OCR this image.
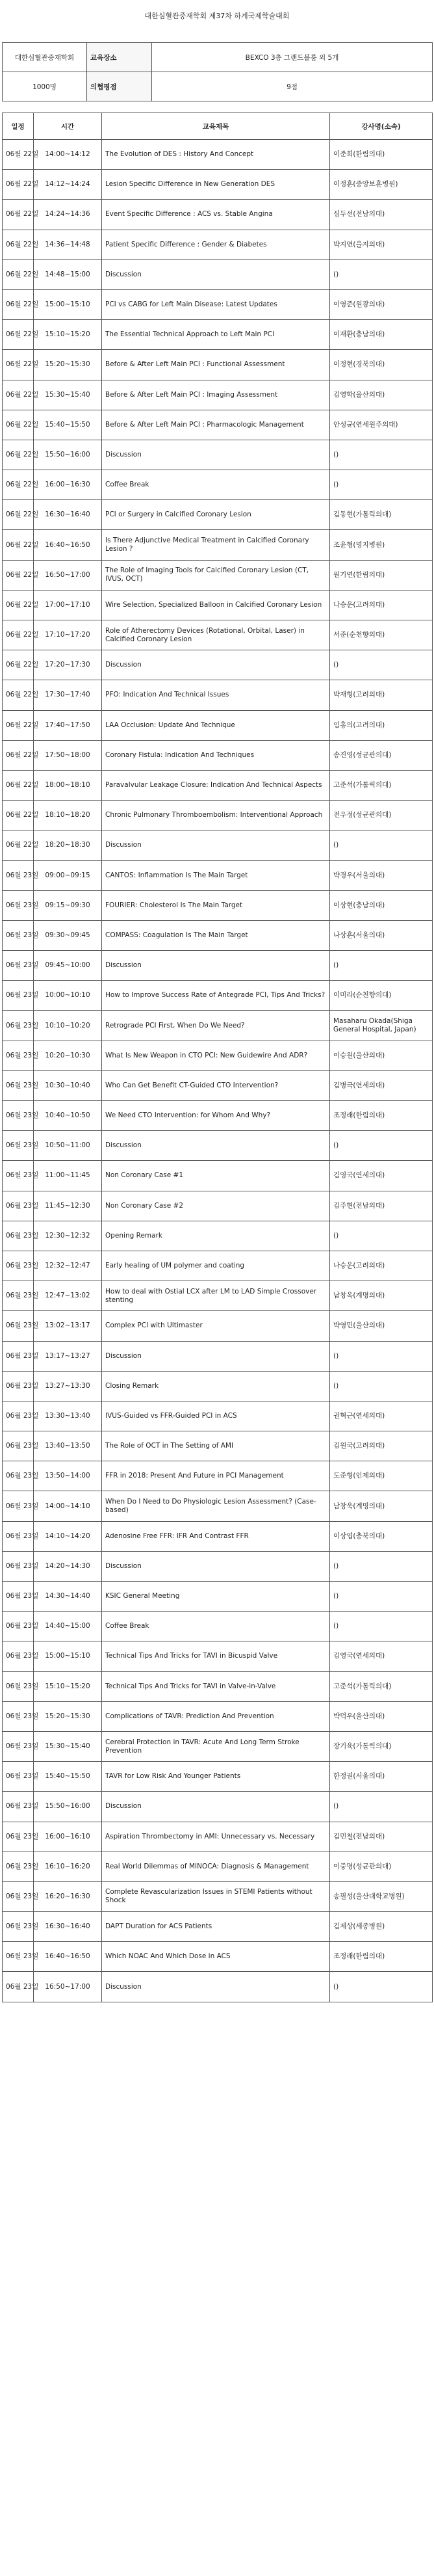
대한심혈관중재학회 제37차 하계국제학술대회
대한심혈관중재학회	교육장소	BEXCO 3층 그랜드볼룸 외 5개
1000명	의협평점	9점
일정	시간	교육제목	강사명(소속)
06월 22일	14:00~14:12	The Evolution of DES : History And Concept	이준희(한림의대)
06월 22일	14:12~14:24	Lesion Specific Difference in New Generation DES	이정훈(중앙보훈병원)
06월 22일	14:24~14:36	Event Specific Difference : ACS vs. Stable Angina	심두선(전남의대)
06월 22일	14:36~14:48	Patient Specific Difference : Gender & Diabetes	박지연(을지의대)
06월 22일	14:48~15:00	Discussion	()
06월 22일	15:00~15:10	PCI vs CABG for Left Main Disease: Latest Updates	이영준(원광의대)
06월 22일	15:10~15:20	The Essential Technical Approach to Left Main PCI	이재환(충남의대)
06월 22일	15:20~15:30	Before & After Left Main PCI : Functional Assessment	이정현(경북의대)
06월 22일	15:30~15:40	Before & After Left Main PCI : Imaging Assessment	김영학(울산의대)
06월 22일	15:40~15:50	Before & After Left Main PCI : Pharmacologic Management	안성균(연세원주의대)
06월 22일	15:50~16:00	Discussion	()
06월 22일	16:00~16:30	Coffee Break	()
06월 22일	16:30~16:40	PCI or Surgery in Calcified Coronary Lesion	김동현(가톨릭의대)
06월 22일	16:40~16:50	Is There Adjunctive Medical Treatment in Calcified Coronary Lesion ?	조윤형(명지병원)
06월 22일	16:50~17:00	The Role of Imaging Tools for Calcified Coronary Lesion (CT, IVUS, OCT)	원기연(한림의대)
06월 22일	17:00~17:10	Wire Selection, Specialized Balloon in Calcified Coronary Lesion	나승운(고려의대)
06월 22일	17:10~17:20	Role of Atherectomy Devices (Rotational, Orbital, Laser) in Calcified Coronary Lesion	서준(순천향의대)
06월 22일	17:20~17:30	Discussion	()
06월 22일	17:30~17:40	PFO: Indication And Technical Issues	박재형(고려의대)
06월 22일	17:40~17:50	LAA Occlusion: Update And Technique	임홍의(고려의대)
06월 22일	17:50~18:00	Coronary Fistula: Indication And Techniques	송진영(성균관의대)
06월 22일	18:00~18:10	Paravalvular Leakage Closure: Indication And Technical Aspects	고준석(가톨릭의대)
06월 22일	18:10~18:20	Chronic Pulmonary Thromboembolism: Interventional Approach	전우정(성균관의대)
06월 22일	18:20~18:30	Discussion	()
06월 23일	09:00~09:15	CANTOS: Inflammation Is The Main Target	박경우(서울의대)
06월 23일	09:15~09:30	FOURIER: Cholesterol Is The Main Target	이상현(충남의대)
06월 23일	09:30~09:45	COMPASS: Coagulation Is The Main Target	나상훈(서울의대)
06월 23일	09:45~10:00	Discussion	()
06월 23일	10:00~10:10	How to Improve Success Rate of Antegrade PCI, Tips And Tricks?	이미라(순천향의대)
06월 23일	10:10~10:20	Retrograde PCI First, When Do We Need?	Masaharu Okada(Shiga General Hospital, Japan)
06월 23일	10:20~10:30	What Is New Weapon in CTO PCI: New Guidewire And ADR?	이승원(울산의대)
06월 23일	10:30~10:40	Who Can Get Benefit CT-Guided CTO Intervention?	김병극(연세의대)
06월 23일	10:40~10:50	We Need CTO Intervention: for Whom And Why?	조정래(한림의대)
06월 23일	10:50~11:00	Discussion	()
06월 23일	11:00~11:45	Non Coronary Case #1	김영국(연세의대)
06월 23일	11:45~12:30	Non Coronary Case #2	김주현(전남의대)
06월 23일	12:30~12:32	Opening Remark	()
06월 23일	12:32~12:47	Early healing of UM polymer and coating	나승운(고려의대)
06월 23일	12:47~13:02	How to deal with Ostial LCX after LM to LAD Simple Crossover stenting	남창옥(계명의대)
06월 23일	13:02~13:17	Complex PCI with Ultimaster	박영민(울산의대)
06월 23일	13:17~13:27	Discussion	()
06월 23일	13:27~13:30	Closing Remark	()
06월 23일	13:30~13:40	IVUS-Guided vs FFR-Guided PCI in ACS	권혁근(연세의대)
06월 23일	13:40~13:50	The Role of OCT in The Setting of AMI	김원국(고려의대)
06월 23일	13:50~14:00	FFR in 2018: Present And Future in PCI Management	도준형(인제의대)
06월 23일	14:00~14:10	When Do I Need to Do Physiologic Lesion Assessment? (Case-based)	남창욱(계명의대)
06월 23일	14:10~14:20	Adenosine Free FFR: IFR And Contrast FFR	이상엽(충북의대)
06월 23일	14:20~14:30	Discussion	()
06월 23일	14:30~14:40	KSIC General Meeting	()
06월 23일	14:40~15:00	Coffee Break	()
06월 23일	15:00~15:10	Technical Tips And Tricks for TAVI in Bicuspid Valve	김영국(연세의대)
06월 23일	15:10~15:20	Technical Tips And Tricks for TAVI in Valve-in-Valve	고준석(가톨릭의대)
06월 23일	15:20~15:30	Complications of TAVR: Prediction And Prevention	박덕우(울산의대)
06월 23일	15:30~15:40	Cerebral Protection in TAVR: Acute And Long Term Stroke Prevention	장기육(가톨릭의대)
06월 23일	15:40~15:50	TAVR for Low Risk And Younger Patients	한정권(서울의대)
06월 23일	15:50~16:00	Discussion	()
06월 23일	16:00~16:10	Aspiration Thrombectomy in AMI: Unnecessary vs. Necessary	김민철(전남의대)
06월 23일	16:10~16:20	Real World Dilemmas of MINOCA: Diagnosis & Management	이중명(성균관의대)
06월 23일	16:20~16:30	Complete Revascularization Issues in STEMI Patients without Shock	송필성(울산대학교병원)
06월 23일	16:30~16:40	DAPT Duration for ACS Patients	김제상(세종병원)
06월 23일	16:40~16:50	Which NOAC And Which Dose in ACS	조정래(한림의대)
06월 23일	16:50~17:00	Discussion	()
